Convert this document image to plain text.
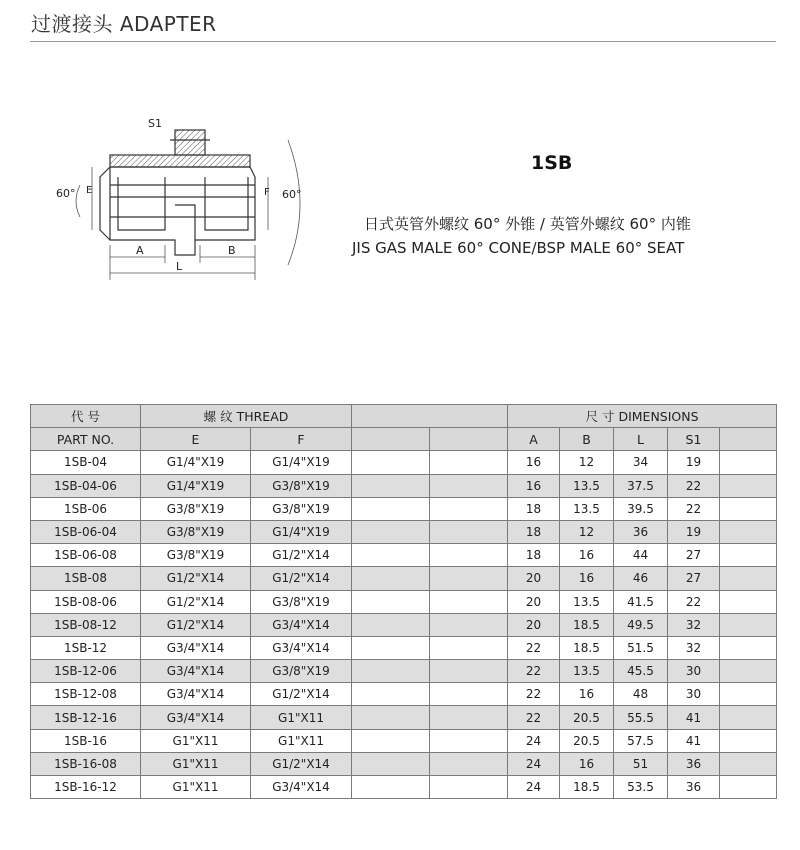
过渡接头 ADAPTER
S1
60° E	F 60°
A	B
L
1SB
日式英管外螺纹 60° 外锥 / 英管外螺纹 60° 内锥
JIS GAS MALE 60° CONE/BSP MALE 60° SEAT
代 号	螺 纹 THREAD				尺 寸 DIMENSIONS				
PART NO.	E	F			A	B	L	S1	
1SB-04	G1/4"X19	G1/4"X19			16	12	34	19	
1SB-04-06	G1/4"X19	G3/8"X19			16	13.5	37.5	22	
1SB-06	G3/8"X19	G3/8"X19			18	13.5	39.5	22	
1SB-06-04	G3/8"X19	G1/4"X19			18	12	36	19	
1SB-06-08	G3/8"X19	G1/2"X14			18	16	44	27	
1SB-08	G1/2"X14	G1/2"X14			20	16	46	27	
1SB-08-06	G1/2"X14	G3/8"X19			20	13.5	41.5	22	
1SB-08-12	G1/2"X14	G3/4"X14			20	18.5	49.5	32	
1SB-12	G3/4"X14	G3/4"X14			22	18.5	51.5	32	
1SB-12-06	G3/4"X14	G3/8"X19			22	13.5	45.5	30	
1SB-12-08	G3/4"X14	G1/2"X14			22	16	48	30	
1SB-12-16	G3/4"X14	G1"X11			22	20.5	55.5	41	
1SB-16	G1"X11	G1"X11			24	20.5	57.5	41	
1SB-16-08	G1"X11	G1/2"X14			24	16	51	36	
1SB-16-12	G1"X11	G3/4"X14			24	18.5	53.5	36	
